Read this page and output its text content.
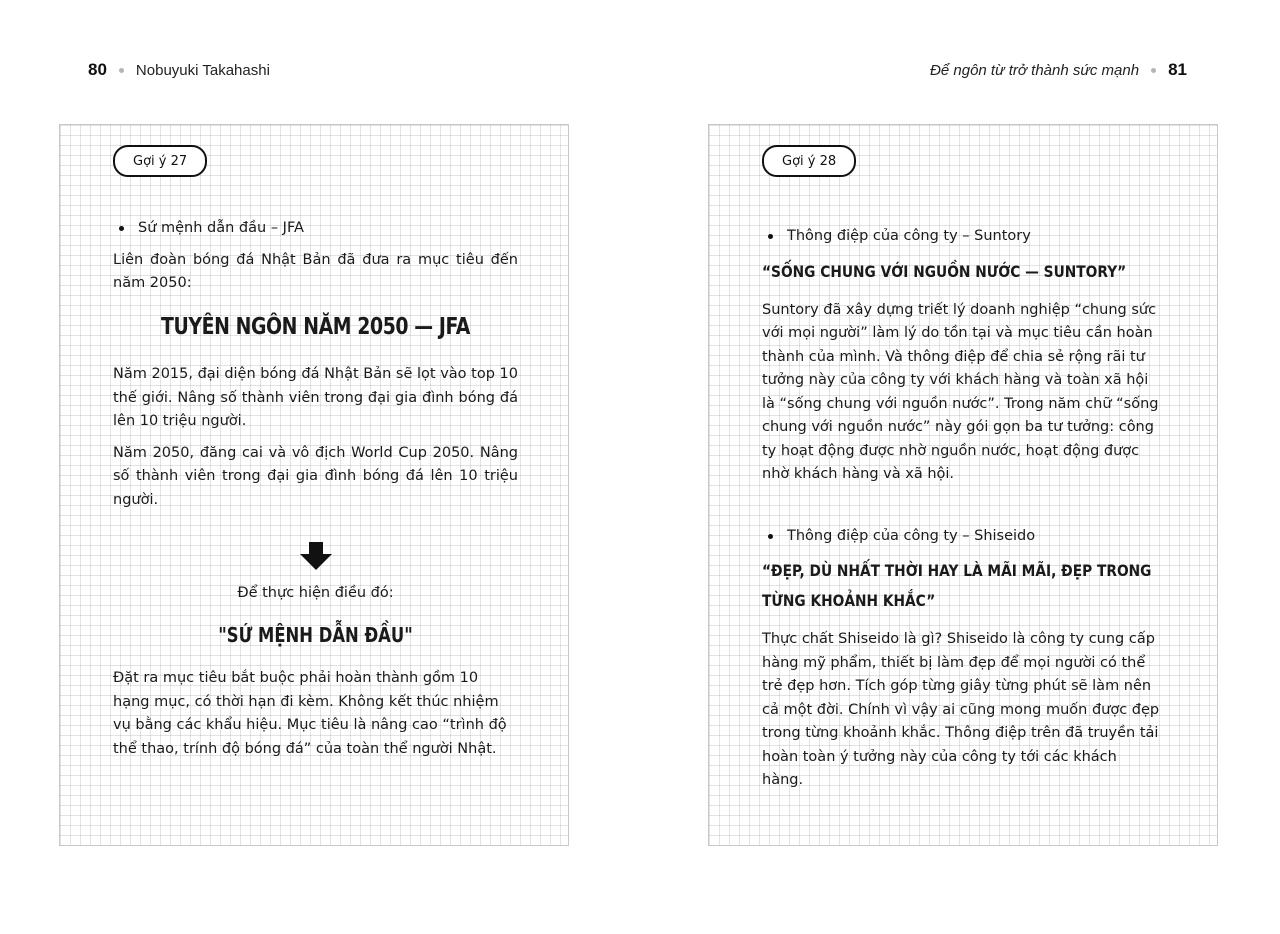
80 Nobuyuki Takahashi	Để ngôn từ trở thành sức mạnh 81
Gợi ý 27
Sứ mệnh dẫn đầu – JFA

Liên đoàn bóng đá Nhật Bản đã đưa ra mục tiêu đến năm 2050:

TUYÊN NGÔN NĂM 2050 — JFA

Năm 2015, đại diện bóng đá Nhật Bản sẽ lọt vào top 10 thế giới. Nâng số thành viên trong đại gia đình bóng đá lên 10 triệu người.

Năm 2050, đăng cai và vô địch World Cup 2050. Nâng số thành viên trong đại gia đình bóng đá lên 10 triệu người.

Để thực hiện điều đó:
"SỨ MỆNH DẪN ĐẦU"

Đặt ra mục tiêu bắt buộc phải hoàn thành gồm 10 hạng mục, có thời hạn đi kèm. Không kết thúc nhiệm vụ bằng các khẩu hiệu. Mục tiêu là nâng cao “trình độ thể thao, trính độ bóng đá” của toàn thể người Nhật.

Gợi ý 28
Thông điệp của công ty – Suntory
“SỐNG CHUNG VỚI NGUỒN NƯỚC — SUNTORY”

Suntory đã xây dựng triết lý doanh nghiệp “chung sức với mọi người” làm lý do tồn tại và mục tiêu cần hoàn thành của mình. Và thông điệp để chia sẻ rộng rãi tư tưởng này của công ty với khách hàng và toàn xã hội là “sống chung với nguồn nước”. Trong năm chữ “sống chung với nguồn nước” này gói gọn ba tư tưởng: công ty hoạt động được nhờ nguồn nước, hoạt động được nhờ khách hàng và xã hội.

Thông điệp của công ty – Shiseido
“ĐẸP, DÙ NHẤT THỜI HAY LÀ MÃI MÃI, ĐẸP TRONG TỪNG KHOẢNH KHẮC”

Thực chất Shiseido là gì? Shiseido là công ty cung cấp hàng mỹ phẩm, thiết bị làm đẹp để mọi người có thể trẻ đẹp hơn. Tích góp từng giây từng phút sẽ làm nên cả một đời. Chính vì vậy ai cũng mong muốn được đẹp trong từng khoảnh khắc. Thông điệp trên đã truyền tải hoàn toàn ý tưởng này của công ty tới các khách hàng.
